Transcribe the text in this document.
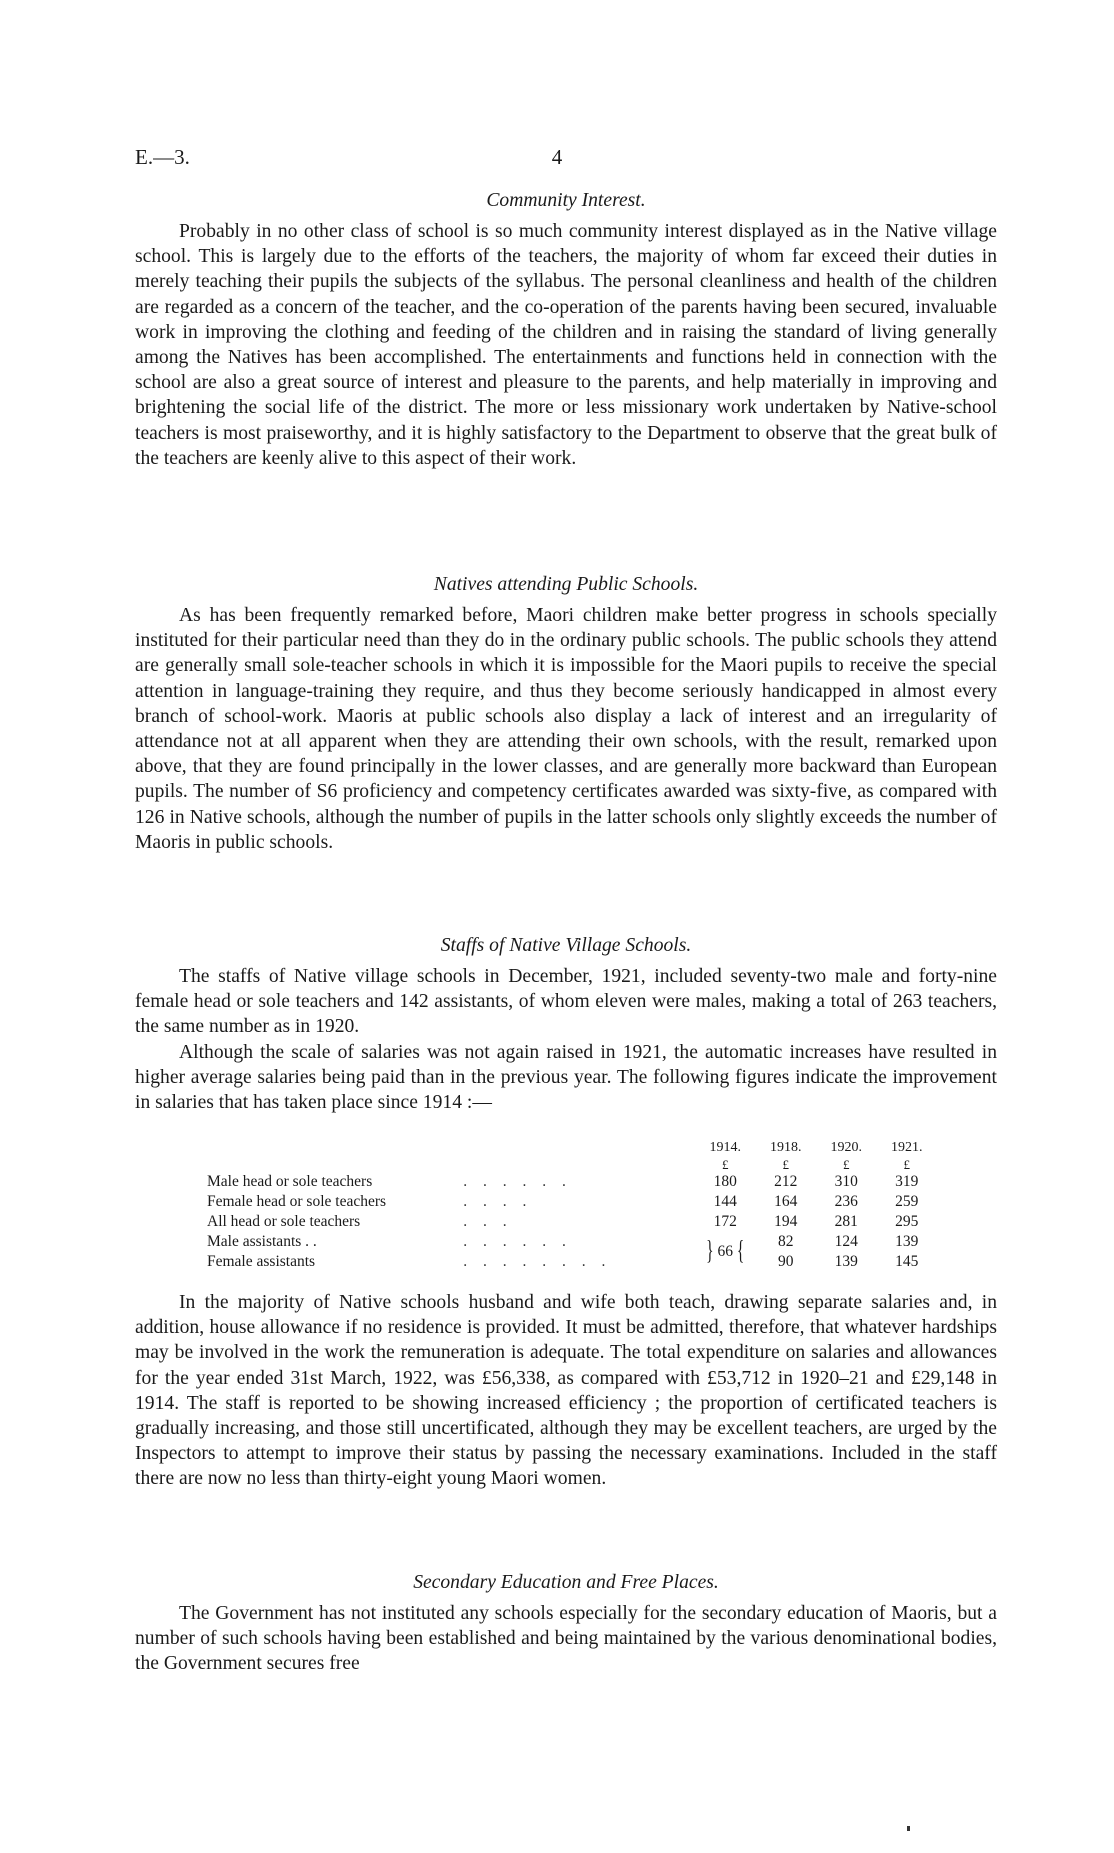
E.—3.	4
Community Interest.

Probably in no other class of school is so much community interest displayed as in the Native village school. This is largely due to the efforts of the teachers, the majority of whom far exceed their duties in merely teaching their pupils the subjects of the syllabus. The personal cleanliness and health of the children are regarded as a concern of the teacher, and the co-operation of the parents having been secured, invaluable work in improving the clothing and feeding of the children and in raising the standard of living generally among the Natives has been accomplished. The entertainments and functions held in connection with the school are also a great source of interest and pleasure to the parents, and help materially in improving and brightening the social life of the district. The more or less missionary work undertaken by Native-school teachers is most praiseworthy, and it is highly satisfactory to the Department to observe that the great bulk of the teachers are keenly alive to this aspect of their work.

Natives attending Public Schools.

As has been frequently remarked before, Maori children make better progress in schools specially instituted for their particular need than they do in the ordinary public schools. The public schools they attend are generally small sole-teacher schools in which it is impossible for the Maori pupils to receive the special attention in language-training they require, and thus they become seriously handicapped in almost every branch of school-work. Maoris at public schools also display a lack of interest and an irregularity of attendance not at all apparent when they are attending their own schools, with the result, remarked upon above, that they are found principally in the lower classes, and are generally more backward than European pupils. The number of S6 proficiency and competency certificates awarded was sixty-five, as compared with 126 in Native schools, although the number of pupils in the latter schools only slightly exceeds the number of Maoris in public schools.

Staffs of Native Village Schools.

The staffs of Native village schools in December, 1921, included seventy-two male and forty-nine female head or sole teachers and 142 assistants, of whom eleven were males, making a total of 263 teachers, the same number as in 1920.

Although the scale of salaries was not again raised in 1921, the automatic increases have resulted in higher average salaries being paid than in the previous year. The following figures indicate the improvement in salaries that has taken place since 1914 :—

		1914.	1918.	1920.	1921.
		£	£	£	£
Male head or sole teachers	. . . . . .	180	212	310	319
Female head or sole teachers	. . . .	144	164	236	259
All head or sole teachers	. . .	172	194	281	295
Male assistants . .	. . . . . .	} 66 {	82	124	139
Female assistants	. . . . . . . .		90	139	145

In the majority of Native schools husband and wife both teach, drawing separate salaries and, in addition, house allowance if no residence is provided. It must be admitted, therefore, that whatever hardships may be involved in the work the remuneration is adequate. The total expenditure on salaries and allowances for the year ended 31st March, 1922, was £56,338, as compared with £53,712 in 1920–21 and £29,148 in 1914. The staff is reported to be showing increased efficiency ; the proportion of certificated teachers is gradually increasing, and those still uncertificated, although they may be excellent teachers, are urged by the Inspectors to attempt to improve their status by passing the necessary examinations. Included in the staff there are now no less than thirty-eight young Maori women.

Secondary Education and Free Places.

The Government has not instituted any schools especially for the secondary education of Maoris, but a number of such schools having been established and being maintained by the various denominational bodies, the Government secures free
